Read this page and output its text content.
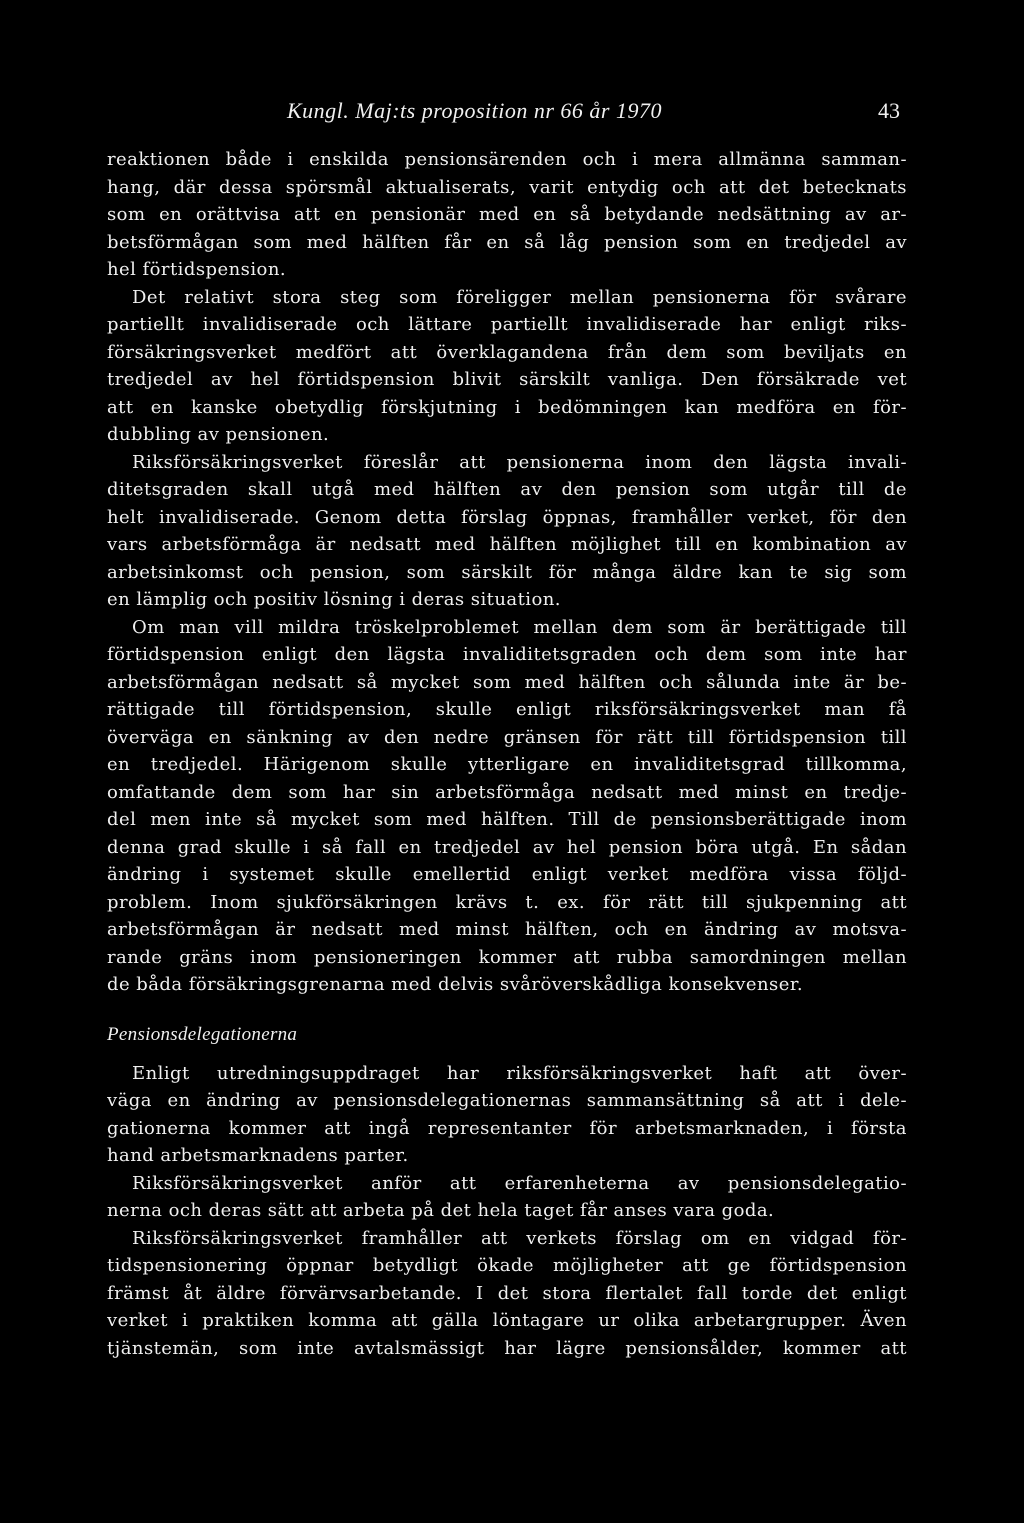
Kungl. Maj:ts proposition nr 66 år 1970	43
reaktionen både i enskilda pensionsärenden och i mera allmänna samman-
hang, där dessa spörsmål aktualiserats, varit entydig och att det betecknats
som en orättvisa att en pensionär med en så betydande nedsättning av ar-
betsförmågan som med hälften får en så låg pension som en tredjedel av
hel förtidspension.
Det relativt stora steg som föreligger mellan pensionerna för svårare
partiellt invalidiserade och lättare partiellt invalidiserade har enligt riks-
försäkringsverket medfört att överklagandena från dem som beviljats en
tredjedel av hel förtidspension blivit särskilt vanliga. Den försäkrade vet
att en kanske obetydlig förskjutning i bedömningen kan medföra en för-
dubbling av pensionen.
Riksförsäkringsverket föreslår att pensionerna inom den lägsta invali-
ditetsgraden skall utgå med hälften av den pension som utgår till de
helt invalidiserade. Genom detta förslag öppnas, framhåller verket, för den
vars arbetsförmåga är nedsatt med hälften möjlighet till en kombination av
arbetsinkomst och pension, som särskilt för många äldre kan te sig som
en lämplig och positiv lösning i deras situation.
Om man vill mildra tröskelproblemet mellan dem som är berättigade till
förtidspension enligt den lägsta invaliditetsgraden och dem som inte har
arbetsförmågan nedsatt så mycket som med hälften och sålunda inte är be-
rättigade till förtidspension, skulle enligt riksförsäkringsverket man få
överväga en sänkning av den nedre gränsen för rätt till förtidspension till
en tredjedel. Härigenom skulle ytterligare en invaliditetsgrad tillkomma,
omfattande dem som har sin arbetsförmåga nedsatt med minst en tredje-
del men inte så mycket som med hälften. Till de pensionsberättigade inom
denna grad skulle i så fall en tredjedel av hel pension böra utgå. En sådan
ändring i systemet skulle emellertid enligt verket medföra vissa följd-
problem. Inom sjukförsäkringen krävs t. ex. för rätt till sjukpenning att
arbetsförmågan är nedsatt med minst hälften, och en ändring av motsva-
rande gräns inom pensioneringen kommer att rubba samordningen mellan
de båda försäkringsgrenarna med delvis svåröverskådliga konsekvenser.
Pensionsdelegationerna
Enligt utredningsuppdraget har riksförsäkringsverket haft att över-
väga en ändring av pensionsdelegationernas sammansättning så att i dele-
gationerna kommer att ingå representanter för arbetsmarknaden, i första
hand arbetsmarknadens parter.
Riksförsäkringsverket anför att erfarenheterna av pensionsdelegatio-
nerna och deras sätt att arbeta på det hela taget får anses vara goda.
Riksförsäkringsverket framhåller att verkets förslag om en vidgad för-
tidspensionering öppnar betydligt ökade möjligheter att ge förtidspension
främst åt äldre förvärvsarbetande. I det stora flertalet fall torde det enligt
verket i praktiken komma att gälla löntagare ur olika arbetargrupper. Även
tjänstemän, som inte avtalsmässigt har lägre pensionsålder, kommer att
